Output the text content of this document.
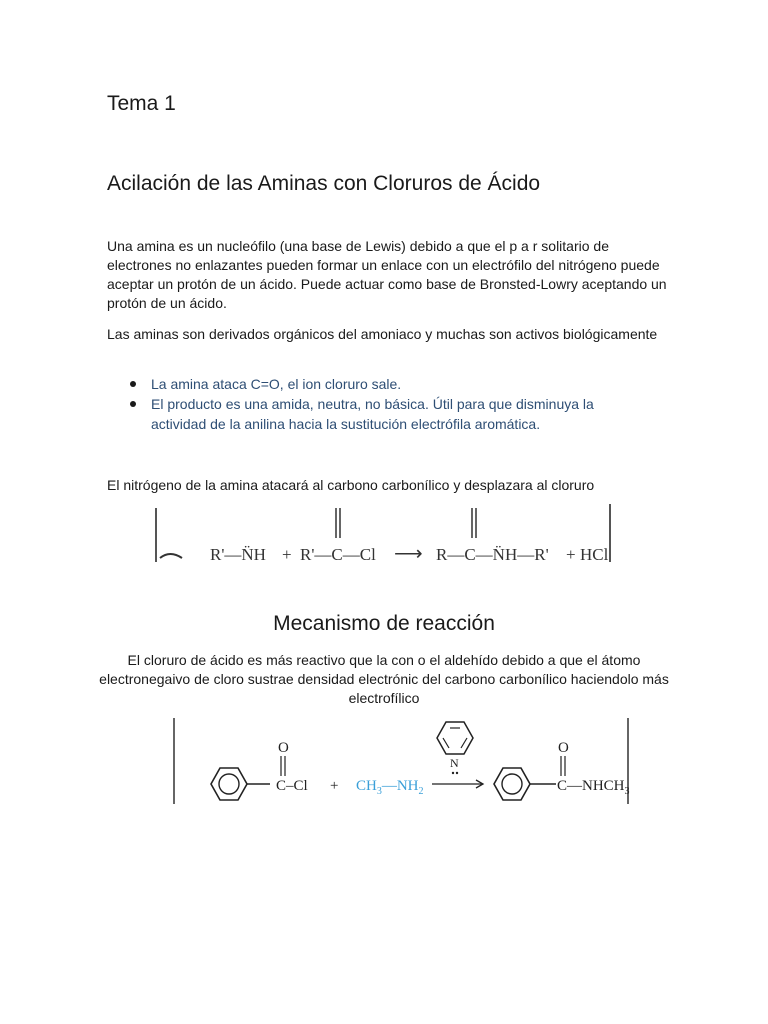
Tema 1
Acilación de las Aminas con Cloruros de Ácido

Una amina es un nucleófilo (una base de Lewis) debido a que el p a r solitario de electrones no enlazantes pueden formar un enlace con un electrófilo del nitrógeno puede aceptar un protón de un ácido. Puede actuar como base de Bronsted-Lowry aceptando un protón de un ácido.

Las aminas son derivados orgánicos del amoniaco y muchas son activos biológicamente

La amina ataca C=O, el ion cloruro sale.
El producto es una amida, neutra, no básica. Útil para que disminuya la actividad de la anilina hacia la sustitución electrófila aromática.

El nitrógeno de la amina atacará al carbono carbonílico y desplazara al cloruro

R'—N̈H + R'—C—Cl ⟶ R—C—N̈H—R' + HCl
Mecanismo de reacción

El cloruro de ácido es más reactivo que la con o el aldehído debido a que el átomo electronegaivo de cloro sustrae densidad electrónic del carbono carbonílico haciendolo más electrofílico

O
$C-Cl + CH_3—NH_2$
N
O
$C—NHCH_3$
